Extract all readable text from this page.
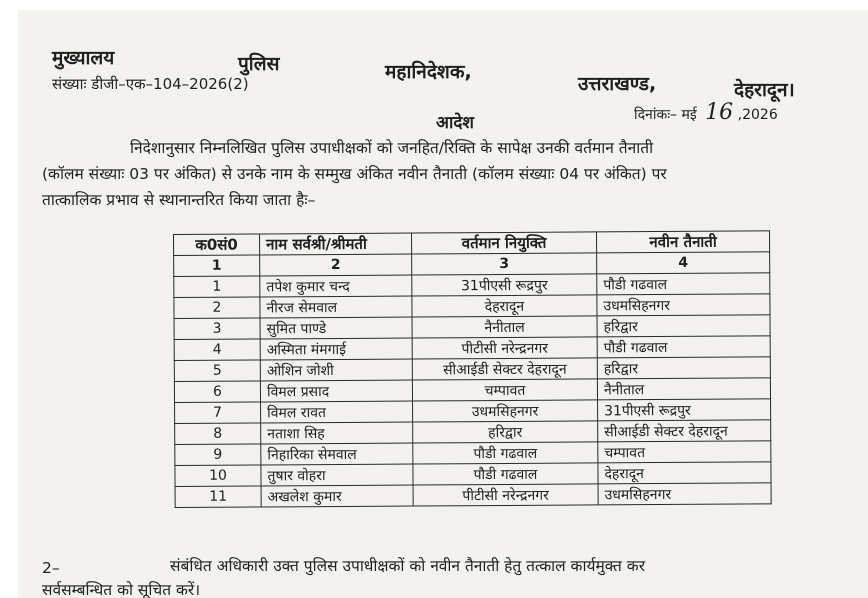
मुख्यालय	पुलिस	महानिदेशक,
उत्तराखण्ड,	देहरादून।
संख्याः डीजी–एक–104–2026(2)
दिनांकः– मई 16 ,2026
आदेश
निदेशानुसार निम्नलिखित पुलिस उपाधीक्षकों को जनहित/रिक्ति के सापेक्ष उनकी वर्तमान तैनाती
(कॉलम संख्याः 03 पर अंकित) से उनके नाम के सम्मुख अंकित नवीन तैनाती (कॉलम संख्याः 04 पर अंकित) पर
तात्कालिक प्रभाव से स्थानान्तरित किया जाता हैः–
क0सं0	नाम सर्वश्री/श्रीमती	वर्तमान नियुक्ति	नवीन तैनाती
1	2	3	4
1	तपेश कुमार चन्द	31पीएसी रूद्रपुर	पौडी गढवाल
2	नीरज सेमवाल	देहरादून	उधमसिहनगर
3	सुमित पाण्डे	नैनीताल	हरिद्वार
4	अस्मिता मंमगाई	पीटीसी नरेन्द्रनगर	पौडी गढवाल
5	ओशिन जोशी	सीआईडी सेक्टर देहरादून	हरिद्वार
6	विमल प्रसाद	चम्पावत	नैनीताल
7	विमल रावत	उधमसिहनगर	31पीएसी रूद्रपुर
8	नताशा सिह	हरिद्वार	सीआईडी सेक्टर देहरादून
9	निहारिका सेमवाल	पौडी गढवाल	चम्पावत
10	तुषार वोहरा	पौडी गढवाल	देहरादून
11	अखलेश कुमार	पीटीसी नरेन्द्रनगर	उधमसिहनगर
2–	संबंधित अधिकारी उक्त पुलिस उपाधीक्षकों को नवीन तैनाती हेतु तत्काल कार्यमुक्त कर
सर्वसम्बन्धित को सूचित करें।
